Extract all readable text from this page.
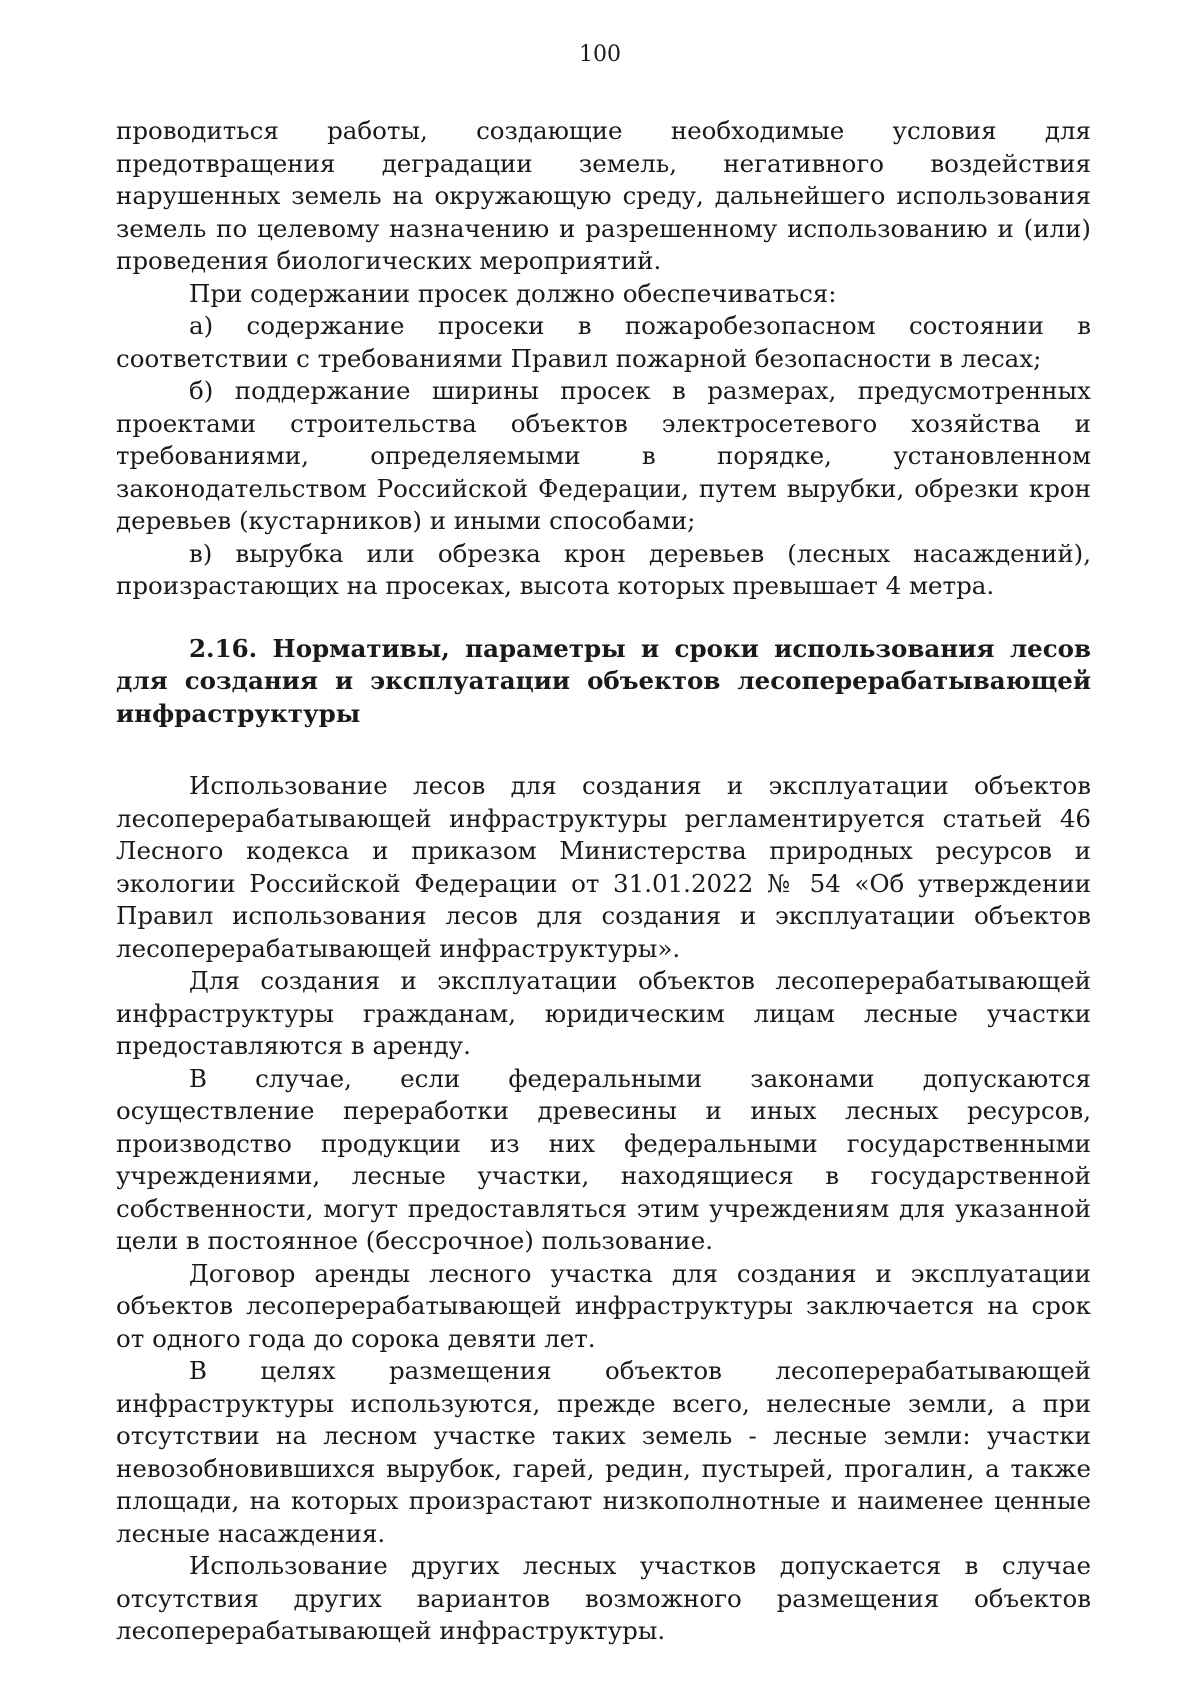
100

проводиться работы, создающие необходимые условия для предотвращения деградации земель, негативного воздействия нарушенных земель на окружающую среду, дальнейшего использования земель по целевому назначению и разрешенному использованию и (или) проведения биологических мероприятий.

При содержании просек должно обеспечиваться:

а) содержание просеки в пожаробезопасном состоянии в соответствии с требованиями Правил пожарной безопасности в лесах;

б) поддержание ширины просек в размерах, предусмотренных проектами строительства объектов электросетевого хозяйства и требованиями, определяемыми в порядке, установленном законодательством Российской Федерации, путем вырубки, обрезки крон деревьев (кустарников) и иными способами;

в) вырубка или обрезка крон деревьев (лесных насаждений), произрастающих на просеках, высота которых превышает 4 метра.

2.16. Нормативы, параметры и сроки использования лесов для создания и эксплуатации объектов лесоперерабатывающей инфраструктуры

Использование лесов для создания и эксплуатации объектов лесоперерабатывающей инфраструктуры регламентируется статьей 46 Лесного кодекса и приказом Министерства природных ресурсов и экологии Российской Федерации от 31.01.2022 № 54 «Об утверждении Правил использования лесов для создания и эксплуатации объектов лесоперерабатывающей инфраструктуры».

Для создания и эксплуатации объектов лесоперерабатывающей инфраструктуры гражданам, юридическим лицам лесные участки предоставляются в аренду.

В случае, если федеральными законами допускаются осуществление переработки древесины и иных лесных ресурсов, производство продукции из них федеральными государственными учреждениями, лесные участки, находящиеся в государственной собственности, могут предоставляться этим учреждениям для указанной цели в постоянное (бессрочное) пользование.

Договор аренды лесного участка для создания и эксплуатации объектов лесоперерабатывающей инфраструктуры заключается на срок от одного года до сорока девяти лет.

В целях размещения объектов лесоперерабатывающей инфраструктуры используются, прежде всего, нелесные земли, а при отсутствии на лесном участке таких земель - лесные земли: участки невозобновившихся вырубок, гарей, редин, пустырей, прогалин, а также площади, на которых произрастают низкополнотные и наименее ценные лесные насаждения.

Использование других лесных участков допускается в случае отсутствия других вариантов возможного размещения объектов лесоперерабатывающей инфраструктуры.
